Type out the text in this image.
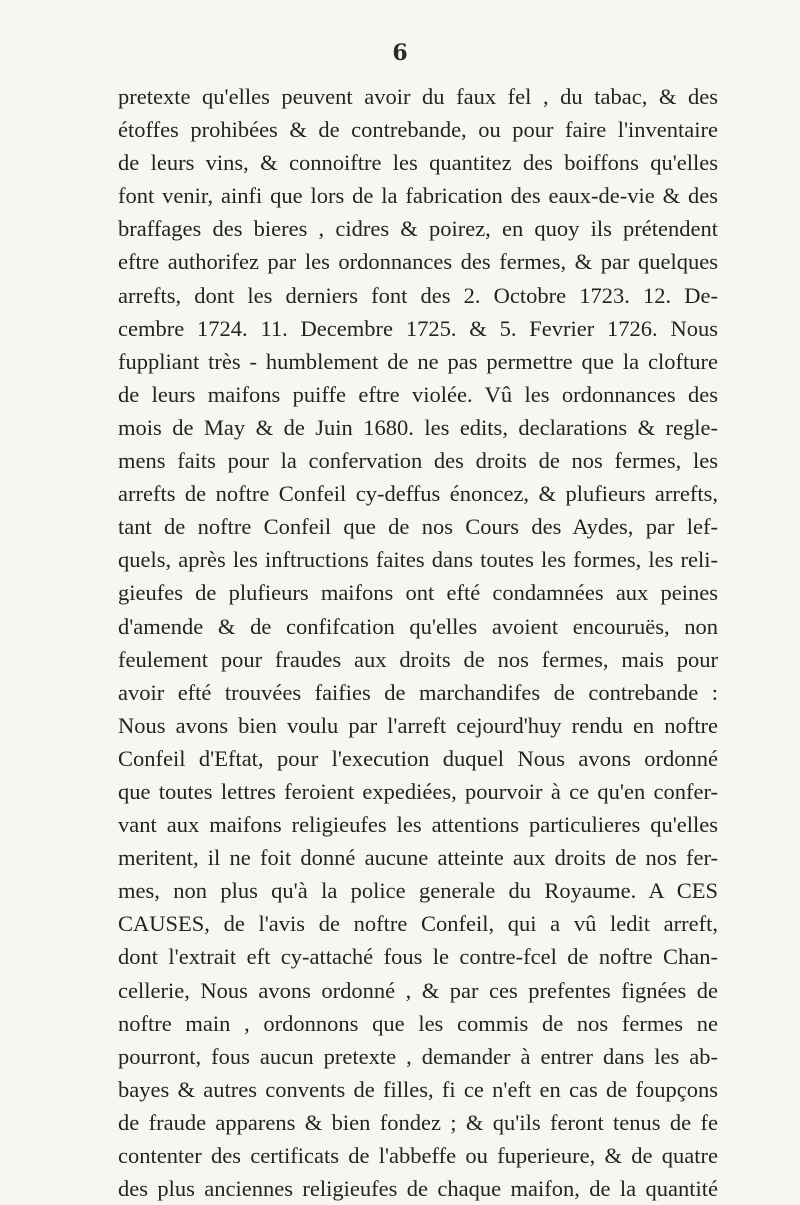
6
pretexte qu'elles peuvent avoir du faux fel , du tabac, & des
étoffes prohibées & de contrebande, ou pour faire l'inventaire
de leurs vins, & connoiftre les quantitez des boiffons qu'elles
font venir, ainfi que lors de la fabrication des eaux-de-vie & des
braffages des bieres , cidres & poirez, en quoy ils prétendent
eftre authorifez par les ordonnances des fermes, & par quelques
arrefts, dont les derniers font des 2. Octobre 1723. 12. De-
cembre 1724. 11. Decembre 1725. & 5. Fevrier 1726. Nous
fuppliant très - humblement de ne pas permettre que la clofture
de leurs maifons puiffe eftre violée. Vû les ordonnances des
mois de May & de Juin 1680. les edits, declarations & regle-
mens faits pour la confervation des droits de nos fermes, les
arrefts de noftre Confeil cy-deffus énoncez, & plufieurs arrefts,
tant de noftre Confeil que de nos Cours des Aydes, par lef-
quels, après les inftructions faites dans toutes les formes, les reli-
gieufes de plufieurs maifons ont efté condamnées aux peines
d'amende & de confifcation qu'elles avoient encouruës, non
feulement pour fraudes aux droits de nos fermes, mais pour
avoir efté trouvées faifies de marchandifes de contrebande :
Nous avons bien voulu par l'arreft cejourd'huy rendu en noftre
Confeil d'Eftat, pour l'execution duquel Nous avons ordonné
que toutes lettres feroient expediées, pourvoir à ce qu'en confer-
vant aux maifons religieufes les attentions particulieres qu'elles
meritent, il ne foit donné aucune atteinte aux droits de nos fer-
mes, non plus qu'à la police generale du Royaume. A CES
CAUSES, de l'avis de noftre Confeil, qui a vû ledit arreft,
dont l'extrait eft cy-attaché fous le contre-fcel de noftre Chan-
cellerie, Nous avons ordonné , & par ces prefentes fignées de
noftre main , ordonnons que les commis de nos fermes ne
pourront, fous aucun pretexte , demander à entrer dans les ab-
bayes & autres convents de filles, fi ce n'eft en cas de foupçons
de fraude apparens & bien fondez ; & qu'ils feront tenus de fe
contenter des certificats de l'abbeffe ou fuperieure, & de quatre
des plus anciennes religieufes de chaque maifon, de la quantité
